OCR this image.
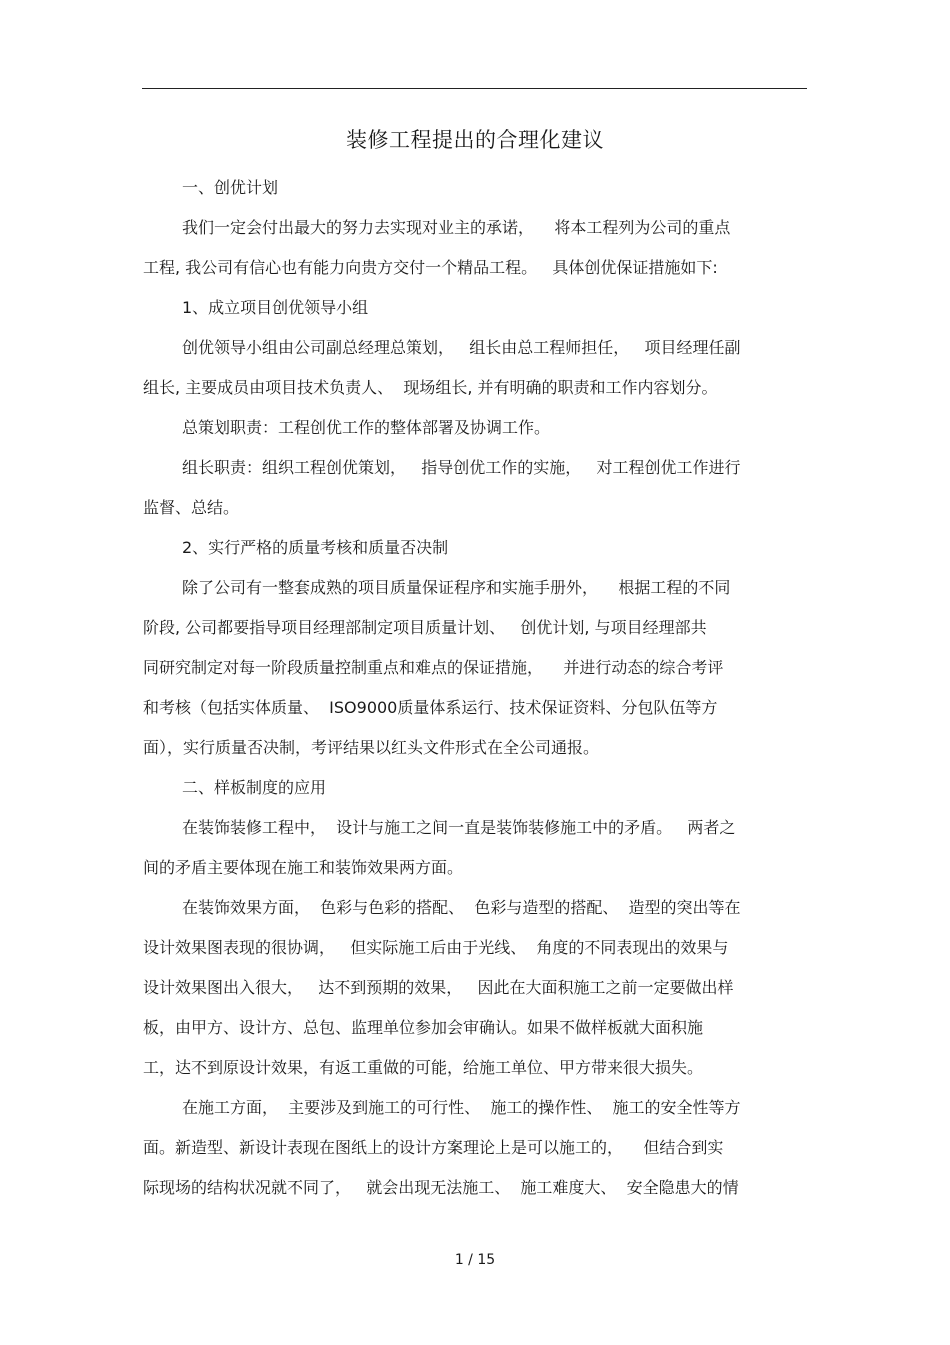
装修工程提出的合理化建议
一、创优计划
我们一定会付出最大的努力去实现对业主的承诺，    将本工程列为公司的重点
工程, 我公司有信心也有能力向贵方交付一个精品工程。   具体创优保证措施如下:
1、成立项目创优领导小组
创优领导小组由公司副总经理总策划，   组长由总工程师担任，   项目经理任副
组长, 主要成员由项目技术负责人、  现场组长, 并有明确的职责和工作内容划分。
总策划职责：工程创优工作的整体部署及协调工作。
组长职责：组织工程创优策划，   指导创优工作的实施，   对工程创优工作进行
监督、总结。
2、实行严格的质量考核和质量否决制
除了公司有一整套成熟的项目质量保证程序和实施手册外，    根据工程的不同
阶段, 公司都要指导项目经理部制定项目质量计划、   创优计划, 与项目经理部共
同研究制定对每一阶段质量控制重点和难点的保证措施，    并进行动态的综合考评
和考核（包括实体质量、  ISO9000质量体系运行、技术保证资料、分包队伍等方
面），实行质量否决制，考评结果以红头文件形式在全公司通报。
二、样板制度的应用
在装饰装修工程中，  设计与施工之间一直是装饰装修施工中的矛盾。   两者之
间的矛盾主要体现在施工和装饰效果两方面。
在装饰效果方面，  色彩与色彩的搭配、  色彩与造型的搭配、  造型的突出等在
设计效果图表现的很协调，   但实际施工后由于光线、  角度的不同表现出的效果与
设计效果图出入很大，   达不到预期的效果，   因此在大面积施工之前一定要做出样
板，由甲方、设计方、总包、监理单位参加会审确认。如果不做样板就大面积施
工，达不到原设计效果，有返工重做的可能，给施工单位、甲方带来很大损失。
在施工方面，  主要涉及到施工的可行性、  施工的操作性、  施工的安全性等方
面。新造型、新设计表现在图纸上的设计方案理论上是可以施工的，    但结合到实
际现场的结构状况就不同了，   就会出现无法施工、  施工难度大、  安全隐患大的情
1 / 15
